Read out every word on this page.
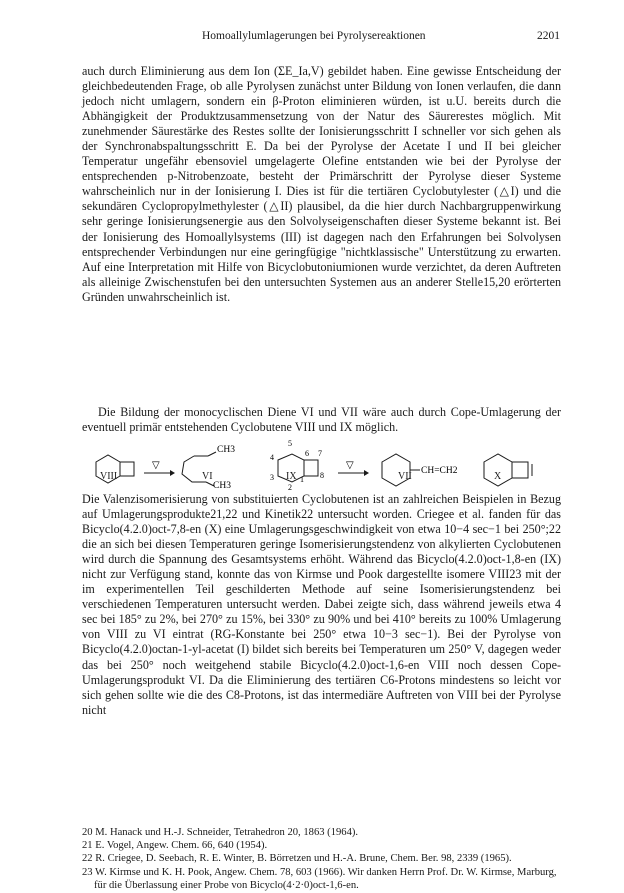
Homoallylumlagerungen bei Pyrolysereaktionen	2201

auch durch Eliminierung aus dem Ion (ΣE_Ia,V) gebildet haben. Eine gewisse Entscheidung der gleichbedeutenden Frage, ob alle Pyrolysen zunächst unter Bildung von Ionen verlaufen, die dann jedoch nicht umlagern, sondern ein β-Proton eliminieren würden, ist u.U. bereits durch die Abhängigkeit der Produktzusammensetzung von der Natur des Säurerestes möglich. Mit zunehmender Säurestärke des Restes sollte der Ionisierungsschritt I schneller vor sich gehen als der Synchronabspaltungsschritt E. Da bei der Pyrolyse der Acetate I und II bei gleicher Temperatur ungefähr ebensoviel umgelagerte Olefine entstanden wie bei der Pyrolyse der entsprechenden p-Nitrobenzoate, besteht der Primärschritt der Pyrolyse dieser Systeme wahrscheinlich nur in der Ionisierung I. Dies ist für die tertiären Cyclobutylester (△I) und die sekundären Cyclopropylmethylester (△II) plausibel, da die hier durch Nachbargruppenwirkung sehr geringe Ionisierungsenergie aus den Solvolyseigenschaften dieser Systeme bekannt ist. Bei der Ionisierung des Homoallylsystems (III) ist dagegen nach den Erfahrungen bei Solvolysen entsprechender Verbindungen nur eine geringfügige "nichtklassische" Unterstützung zu erwarten. Auf eine Interpretation mit Hilfe von Bicyclobutoniumionen wurde verzichtet, da deren Auftreten als alleinige Zwischenstufen bei den untersuchten Systemen aus an anderer Stelle15,20 erörterten Gründen unwahrscheinlich ist.

Die Bildung der monocyclischen Diene VI und VII wäre auch durch Cope-Umlagerung der eventuell primär entstehenden Cyclobutene VIII und IX möglich.

▽
CH3
CH3
5
4	6 7
3	1 8
2
▽	CH=CH2
VIII	VI	IX	VII	X

Die Valenzisomerisierung von substituierten Cyclobutenen ist an zahlreichen Beispielen in Bezug auf Umlagerungsprodukte21,22 und Kinetik22 untersucht worden. Criegee et al. fanden für das Bicyclo(4.2.0)oct-7,8-en (X) eine Umlagerungsgeschwindigkeit von etwa 10−4 sec−1 bei 250°;22 die an sich bei diesen Temperaturen geringe Isomerisierungstendenz von alkylierten Cyclobutenen wird durch die Spannung des Gesamtsystems erhöht. Während das Bicyclo(4.2.0)oct-1,8-en (IX) nicht zur Verfügung stand, konnte das von Kirmse und Pook dargestellte isomere VIII23 mit der im experimentellen Teil geschilderten Methode auf seine Isomerisierungstendenz bei verschiedenen Temperaturen untersucht werden. Dabei zeigte sich, dass während jeweils etwa 4 sec bei 185° zu 2%, bei 270° zu 15%, bei 330° zu 90% und bei 410° bereits zu 100% Umlagerung von VIII zu VI eintrat (RG-Konstante bei 250° etwa 10−3 sec−1). Bei der Pyrolyse von Bicyclo(4.2.0)octan-1-yl-acetat (I) bildet sich bereits bei Temperaturen um 250° V, dagegen weder das bei 250° noch weitgehend stabile Bicyclo(4.2.0)oct-1,6-en VIII noch dessen Cope-Umlagerungsprodukt VI. Da die Eliminierung des tertiären C6-Protons mindestens so leicht vor sich gehen sollte wie die des C8-Protons, ist das intermediäre Auftreten von VIII bei der Pyrolyse nicht

20 M. Hanack und H.-J. Schneider, Tetrahedron 20, 1863 (1964).

21 E. Vogel, Angew. Chem. 66, 640 (1954).

22 R. Criegee, D. Seebach, R. E. Winter, B. Börretzen und H.-A. Brune, Chem. Ber. 98, 2339 (1965).

23 W. Kirmse und K. H. Pook, Angew. Chem. 78, 603 (1966). Wir danken Herrn Prof. Dr. W. Kirmse, Marburg, für die Überlassung einer Probe von Bicyclo(4·2·0)oct-1,6-en.
